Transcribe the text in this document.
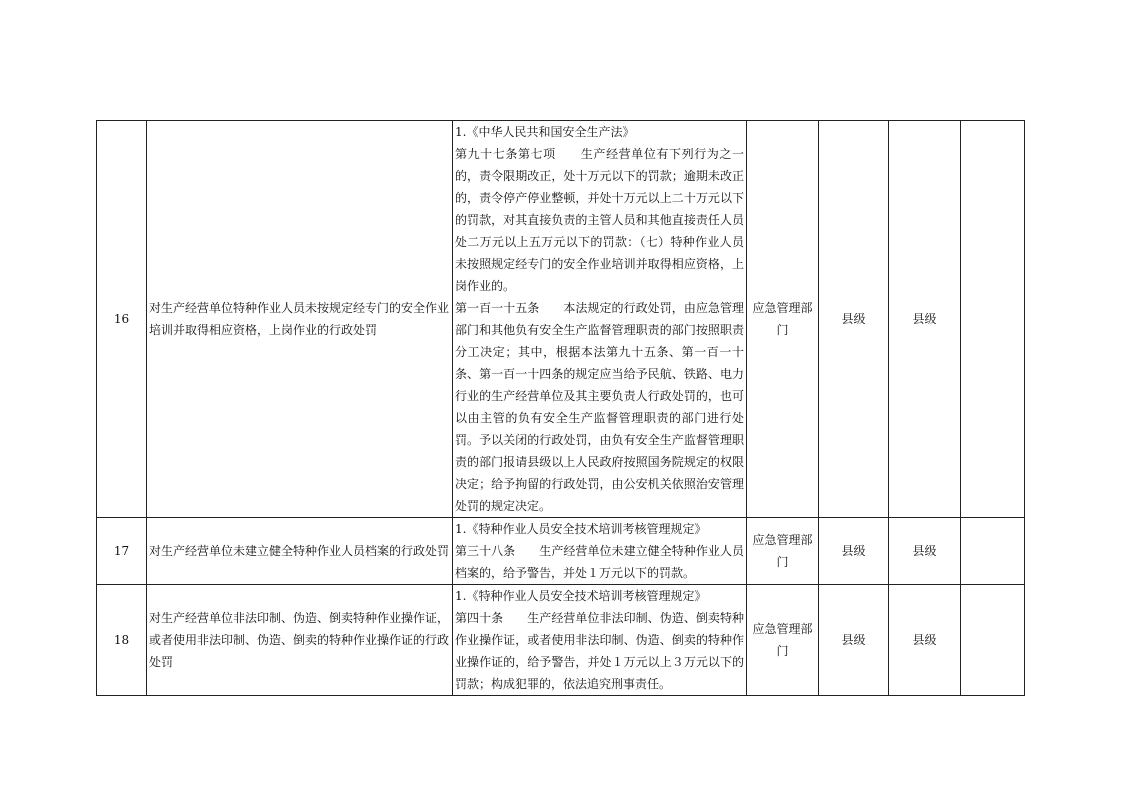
16	对生产经营单位特种作业人员未按规定经专门的安全作业培训并取得相应资格，上岗作业的行政处罚	1.《中华人民共和国安全生产法》
第九十七条第七项　　生产经营单位有下列行为之一的，责令限期改正，处十万元以下的罚款；逾期未改正的，责令停产停业整顿，并处十万元以上二十万元以下的罚款，对其直接负责的主管人员和其他直接责任人员处二万元以上五万元以下的罚款：（七）特种作业人员未按照规定经专门的安全作业培训并取得相应资格，上岗作业的。
第一百一十五条　　本法规定的行政处罚，由应急管理部门和其他负有安全生产监督管理职责的部门按照职责分工决定；其中，根据本法第九十五条、第一百一十条、第一百一十四条的规定应当给予民航、铁路、电力行业的生产经营单位及其主要负责人行政处罚的，也可以由主管的负有安全生产监督管理职责的部门进行处罚。予以关闭的行政处罚，由负有安全生产监督管理职责的部门报请县级以上人民政府按照国务院规定的权限决定；给予拘留的行政处罚，由公安机关依照治安管理处罚的规定决定。	应急管理部门	县级	县级	
17	对生产经营单位未建立健全特种作业人员档案的行政处罚	1.《特种作业人员安全技术培训考核管理规定》
第三十八条　　生产经营单位未建立健全特种作业人员档案的，给予警告，并处１万元以下的罚款。	应急管理部门	县级	县级	
18	对生产经营单位非法印制、伪造、倒卖特种作业操作证，或者使用非法印制、伪造、倒卖的特种作业操作证的行政处罚	1.《特种作业人员安全技术培训考核管理规定》
第四十条　　生产经营单位非法印制、伪造、倒卖特种作业操作证，或者使用非法印制、伪造、倒卖的特种作业操作证的，给予警告，并处１万元以上３万元以下的罚款；构成犯罪的，依法追究刑事责任。	应急管理部门	县级	县级	
